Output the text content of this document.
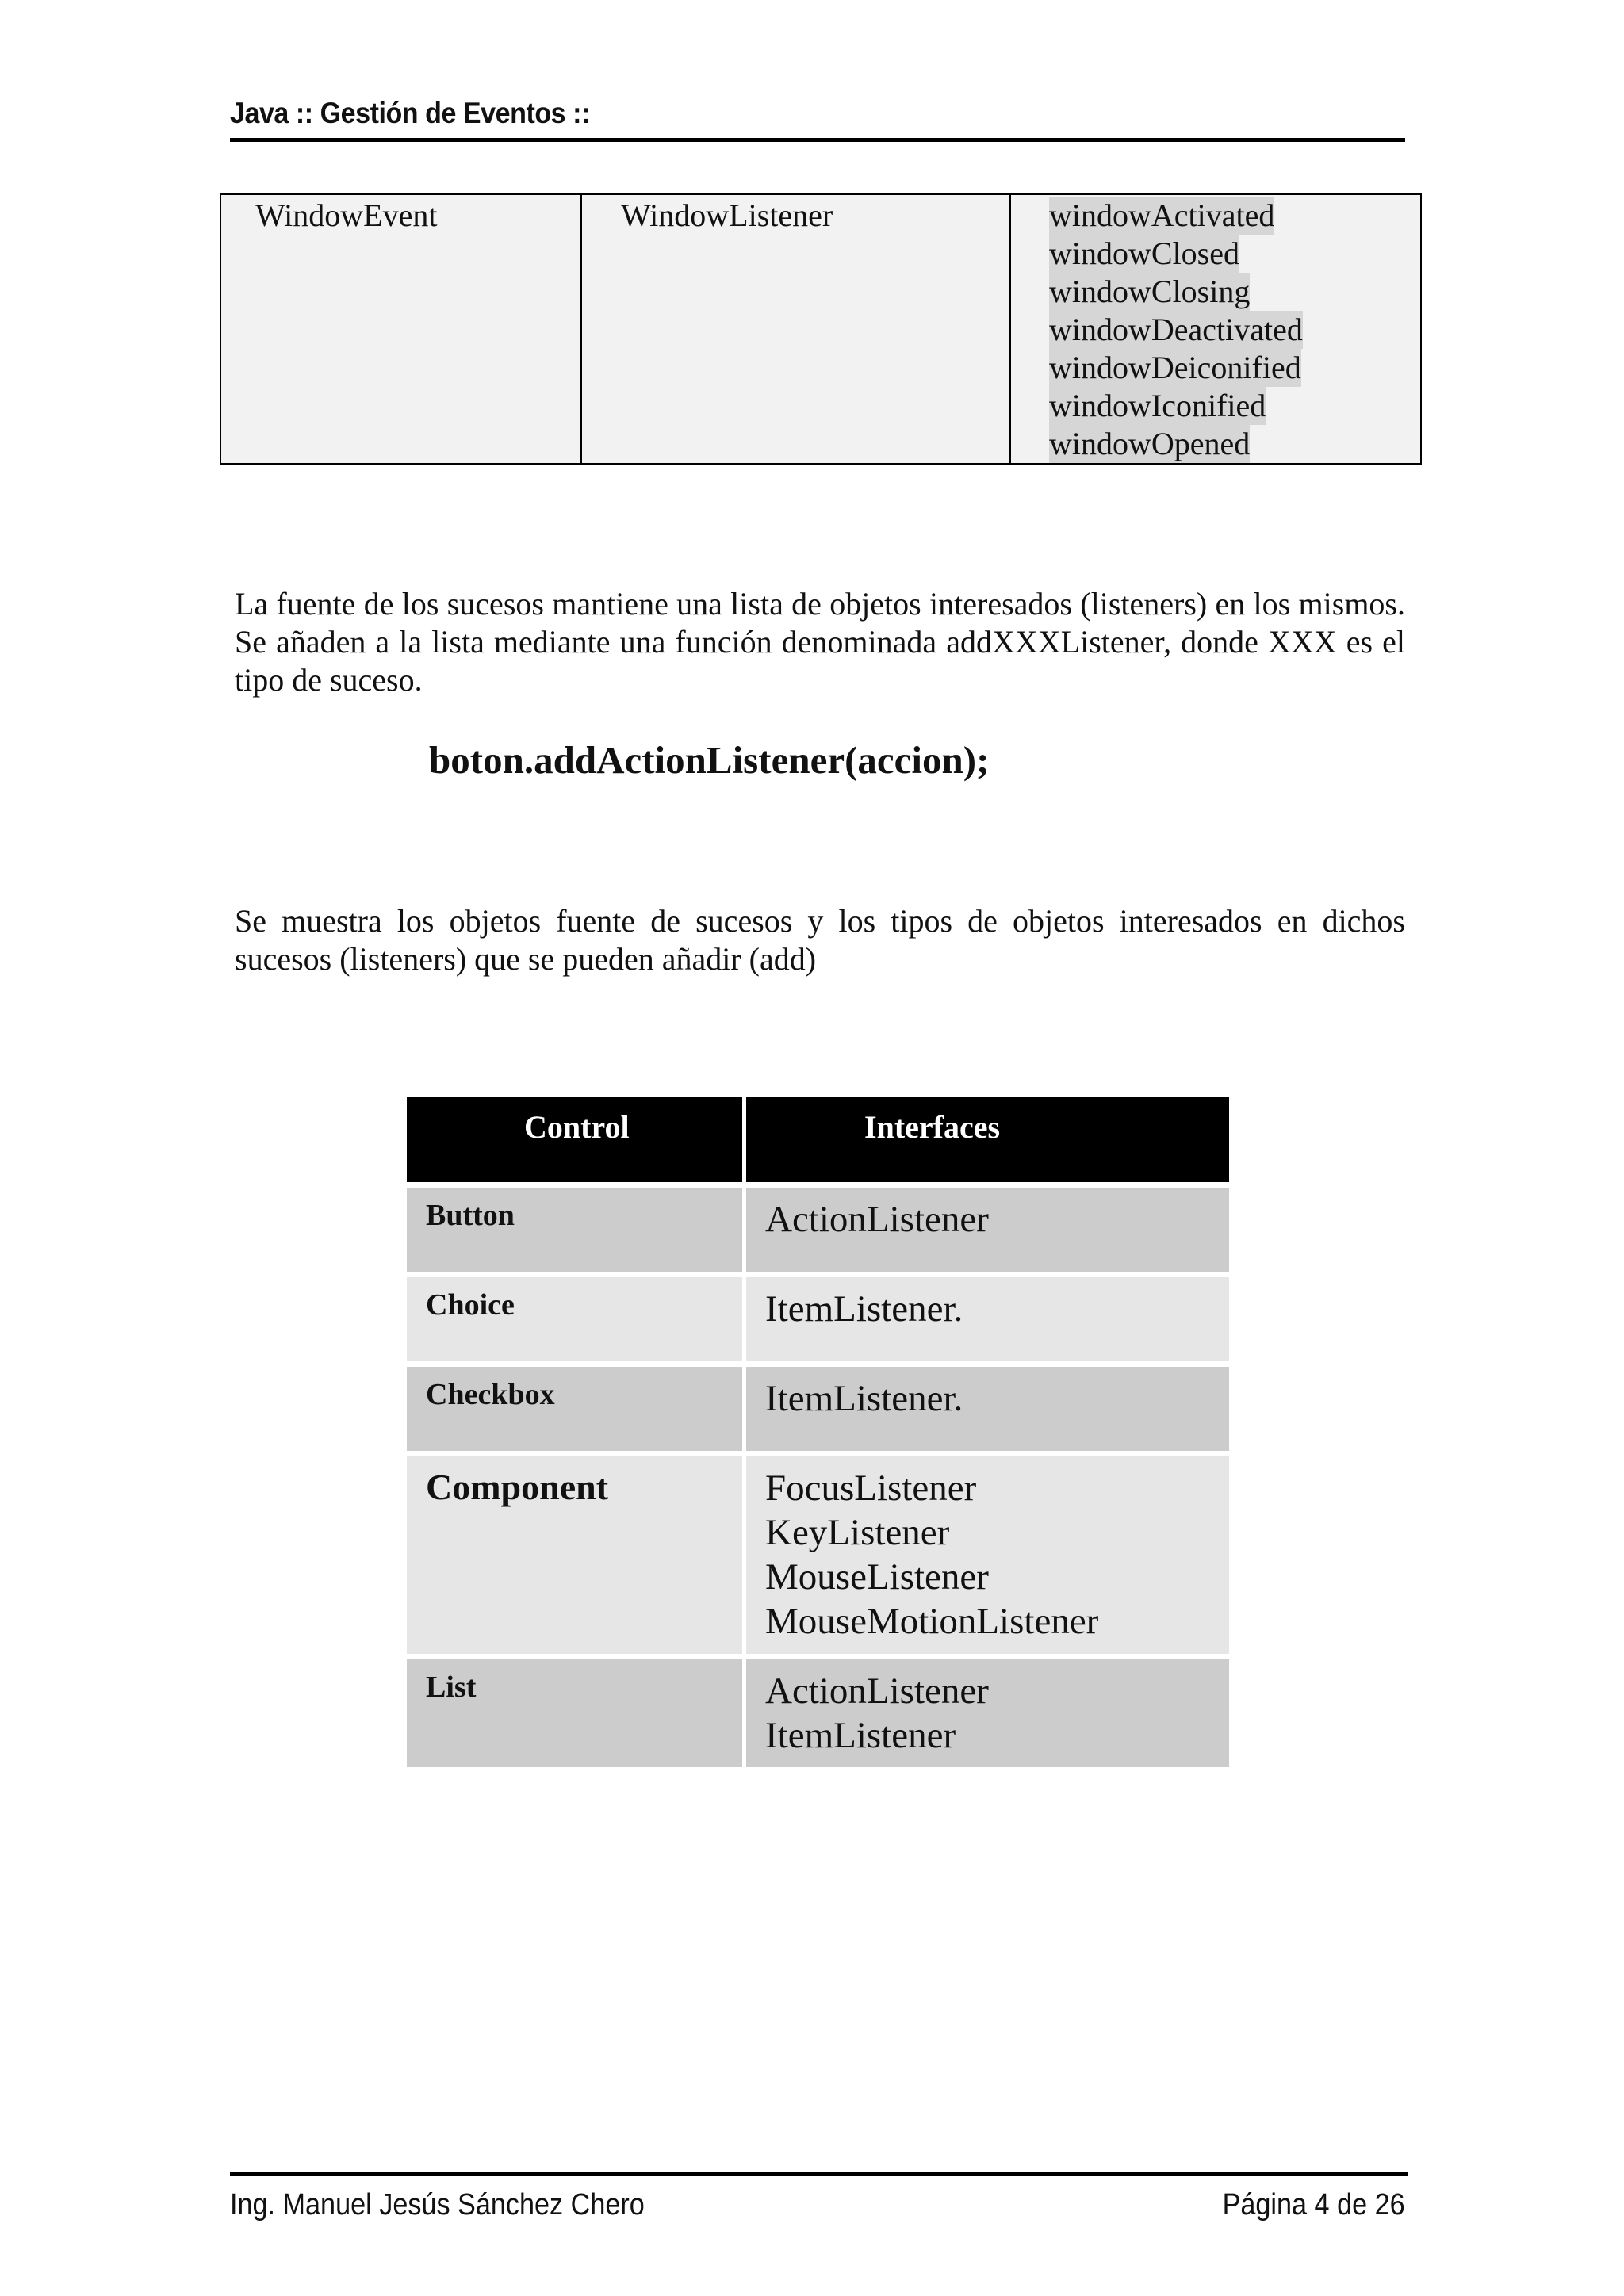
Java :: Gestión de Eventos ::
WindowEvent	WindowListener	windowActivated
windowClosed
windowClosing
windowDeactivated
windowDeiconified
windowIconified
windowOpened
La fuente de los sucesos mantiene una lista de objetos interesados (listeners) en los mismos. Se añaden a la lista mediante una función denominada addXXXListener, donde XXX es el tipo de suceso.
boton.addActionListener(accion);
Se muestra los objetos fuente de sucesos y los tipos de objetos interesados en dichos sucesos (listeners) que se pueden añadir (add)
Control	Interfaces
Button	ActionListener
Choice	ItemListener.
Checkbox	ItemListener.
Component	FocusListener
KeyListener
MouseListener
MouseMotionListener
List	ActionListener
ItemListener
Ing. Manuel Jesús Sánchez Chero	Página 4 de 26
